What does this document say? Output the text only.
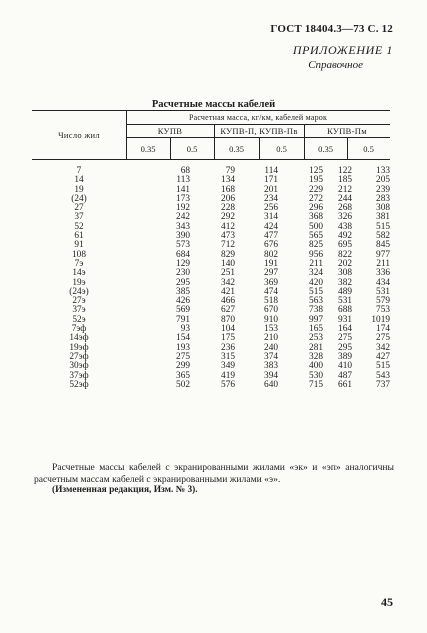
ГОСТ 18404.3—73 С. 12
ПРИЛОЖЕНИЕ 1
Справочное
Расчетные массы кабелей
Число жил
Расчетная масса, кг/км, кабелей марок
КУПВ	КУПВ-П, КУПВ-Пв	КУПВ-Пм
0.35	0.5	0.35	0.5	0.35	0.5
7	68	79	114	125	122	133
14	113	134	171	195	185	205
19	141	168	201	229	212	239
(24)	173	206	234	272	244	283
27	192	228	256	296	268	308
37	242	292	314	368	326	381
52	343	412	424	500	438	515
61	390	473	477	565	492	582
91	573	712	676	825	695	845
108	684	829	802	956	822	977
7э	129	140	191	211	202	211
14э	230	251	297	324	308	336
19э	295	342	369	420	382	434
(24э)	385	421	474	515	489	531
27э	426	466	518	563	531	579
37э	569	627	670	738	688	753
52э	791	870	910	997	931	1019
7эф	93	104	153	165	164	174
14эф	154	175	210	253	275	275
19эф	193	236	240	281	295	342
27эф	275	315	374	328	389	427
30эф	299	349	383	400	410	515
37эф	365	419	394	530	487	543
52эф	502	576	640	715	661	737
Расчетные массы кабелей с экранированными жилами «эк» и «эп» аналогичны расчетным массам кабелей с экранированными жилами «э».
(Измененная редакция, Изм. № 3).
45
